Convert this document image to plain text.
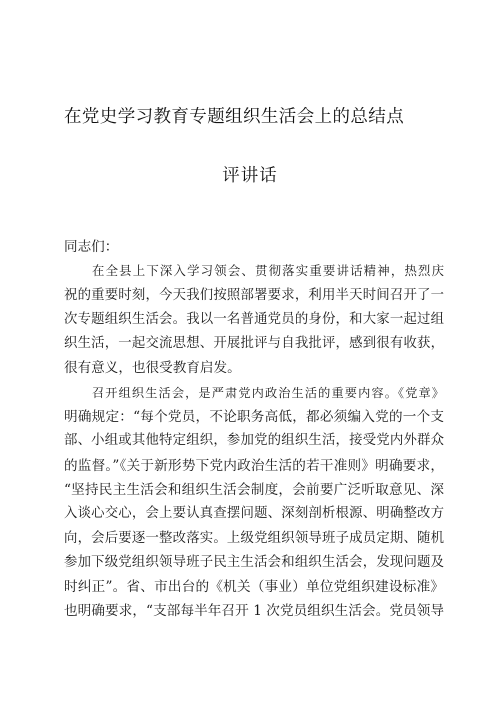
在党史学习教育专题组织生活会上的总结点
评讲话
同志们：
在全县上下深入学习领会、贯彻落实重要讲话精神，热烈庆
祝的重要时刻，今天我们按照部署要求，利用半天时间召开了一
次专题组织生活会。我以一名普通党员的身份，和大家一起过组
织生活，一起交流思想、开展批评与自我批评，感到很有收获，
很有意义，也很受教育启发。
召开组织生活会，是严肃党内政治生活的重要内容。《党章》
明确规定：“每个党员，不论职务高低，都必须编入党的一个支
部、小组或其他特定组织，参加党的组织生活，接受党内外群众
的监督。”《关于新形势下党内政治生活的若干准则》明确要求，
“坚持民主生活会和组织生活会制度，会前要广泛听取意见、深
入谈心交心，会上要认真查摆问题、深刻剖析根源、明确整改方
向，会后要逐一整改落实。上级党组织领导班子成员定期、随机
参加下级党组织领导班子民主生活会和组织生活会，发现问题及
时纠正”。省、市出台的《机关（事业）单位党组织建设标准》
也明确要求，“支部每半年召开 1 次党员组织生活会。党员领导
